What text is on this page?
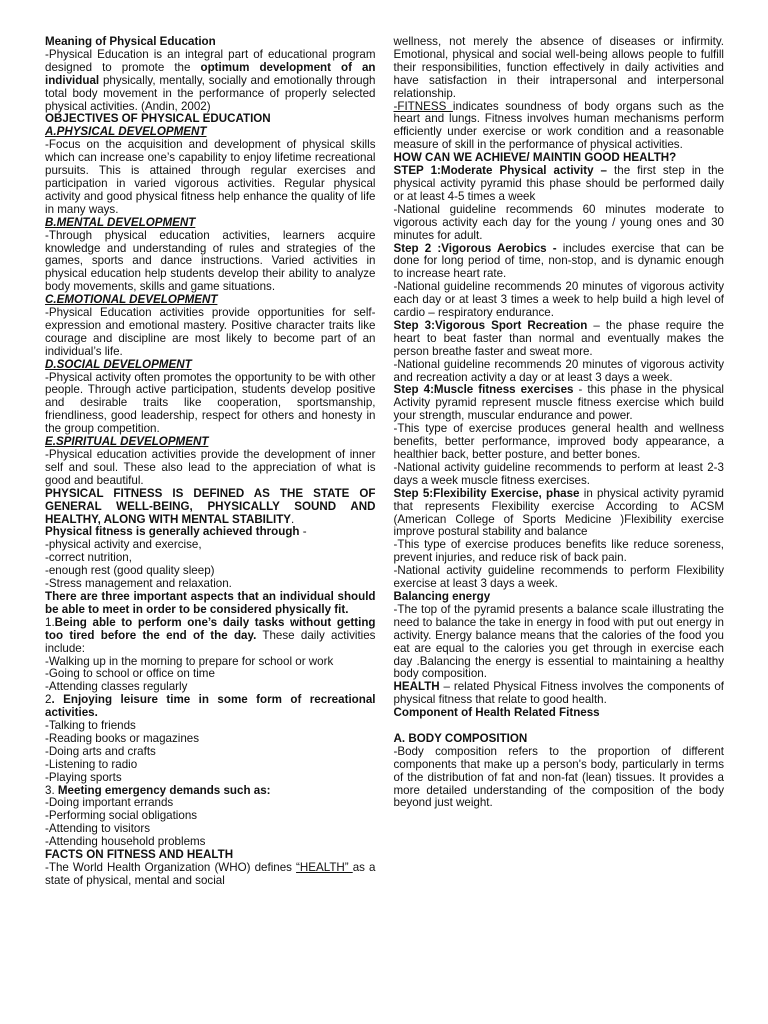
Meaning of Physical Education

-Physical Education is an integral part of educational program designed to promote the optimum development of an individual physically, mentally, socially and emotionally through total body movement in the performance of properly selected physical activities. (Andin, 2002)

OBJECTIVES OF PHYSICAL EDUCATION

A.PHYSICAL DEVELOPMENT

-Focus on the acquisition and development of physical skills which can increase one’s capability to enjoy lifetime recreational pursuits. This is attained through regular exercises and participation in varied vigorous activities. Regular physical activity and good physical fitness help enhance the quality of life in many ways.

B.MENTAL DEVELOPMENT

-Through physical education activities, learners acquire knowledge and understanding of rules and strategies of the games, sports and dance instructions. Varied activities in physical education help students develop their ability to analyze body movements, skills and game situations.

C.EMOTIONAL DEVELOPMENT

-Physical Education activities provide opportunities for self-expression and emotional mastery. Positive character traits like courage and discipline are most likely to become part of an individual’s life.

D.SOCIAL DEVELOPMENT

-Physical activity often promotes the opportunity to be with other people. Through active participation, students develop positive and desirable traits like cooperation, sportsmanship, friendliness, good leadership, respect for others and honesty in the group competition.

E.SPIRITUAL DEVELOPMENT

-Physical education activities provide the development of inner self and soul. These also lead to the appreciation of what is good and beautiful.

PHYSICAL FITNESS IS DEFINED AS THE STATE OF GENERAL WELL-BEING, PHYSICALLY SOUND AND HEALTHY, ALONG WITH MENTAL STABILITY.

Physical fitness is generally achieved through -

-physical activity and exercise,

-correct nutrition,

-enough rest (good quality sleep)

-Stress management and relaxation.

There are three important aspects that an individual should be able to meet in order to be considered physically fit.

1.Being able to perform one’s daily tasks without getting too tired before the end of the day. These daily activities include:

-Walking up in the morning to prepare for school or work

-Going to school or office on time

-Attending classes regularly

2. Enjoying leisure time in some form of recreational activities.

-Talking to friends

-Reading books or magazines

-Doing arts and crafts

-Listening to radio

-Playing sports

3. Meeting emergency demands such as:

-Doing important errands

-Performing social obligations

-Attending to visitors

-Attending household problems

FACTS ON FITNESS AND HEALTH

-The World Health Organization (WHO) defines “HEALTH” as a state of physical, mental and social

wellness, not merely the absence of diseases or infirmity. Emotional, physical and social well-being allows people to fulfill their responsibilities, function effectively in daily activities and have satisfaction in their intrapersonal and interpersonal relationship.

-FITNESS indicates soundness of body organs such as the heart and lungs. Fitness involves human mechanisms perform efficiently under exercise or work condition and a reasonable measure of skill in the performance of physical activities.

HOW CAN WE ACHIEVE/ MAINTIN GOOD HEALTH?

STEP 1:Moderate Physical activity – the first step in the physical activity pyramid this phase should be performed daily or at least 4-5 times a week

-National guideline recommends 60 minutes moderate to vigorous activity each day for the young / young ones and 30 minutes for adult.

Step 2 :Vigorous Aerobics - includes exercise that can be done for long period of time, non-stop, and is dynamic enough to increase heart rate.

-National guideline recommends 20 minutes of vigorous activity each day or at least 3 times a week to help build a high level of cardio – respiratory endurance.

Step 3:Vigorous Sport Recreation – the phase require the heart to beat faster than normal and eventually makes the person breathe faster and sweat more.

-National guideline recommends 20 minutes of vigorous activity and recreation activity a day or at least 3 days a week.

Step 4:Muscle fitness exercises - this phase in the physical Activity pyramid represent muscle fitness exercise which build your strength, muscular endurance and power.

-This type of exercise produces general health and wellness benefits, better performance, improved body appearance, a healthier back, better posture, and better bones.

-National activity guideline recommends to perform at least 2-3 days a week muscle fitness exercises.

Step 5:Flexibility Exercise, phase in physical activity pyramid that represents Flexibility exercise According to ACSM (American College of Sports Medicine )Flexibility exercise improve postural stability and balance

-This type of exercise produces benefits like reduce soreness, prevent injuries, and reduce risk of back pain.

-National activity guideline recommends to perform Flexibility exercise at least 3 days a week.

Balancing energy

-The top of the pyramid presents a balance scale illustrating the need to balance the take in energy in food with put out energy in activity. Energy balance means that the calories of the food you eat are equal to the calories you get through in exercise each day .Balancing the energy is essential to maintaining a healthy body composition.

HEALTH – related Physical Fitness involves the components of physical fitness that relate to good health.

Component of Health Related Fitness

A. BODY COMPOSITION

-Body composition refers to the proportion of different components that make up a person's body, particularly in terms of the distribution of fat and non-fat (lean) tissues. It provides a more detailed understanding of the composition of the body beyond just weight.
